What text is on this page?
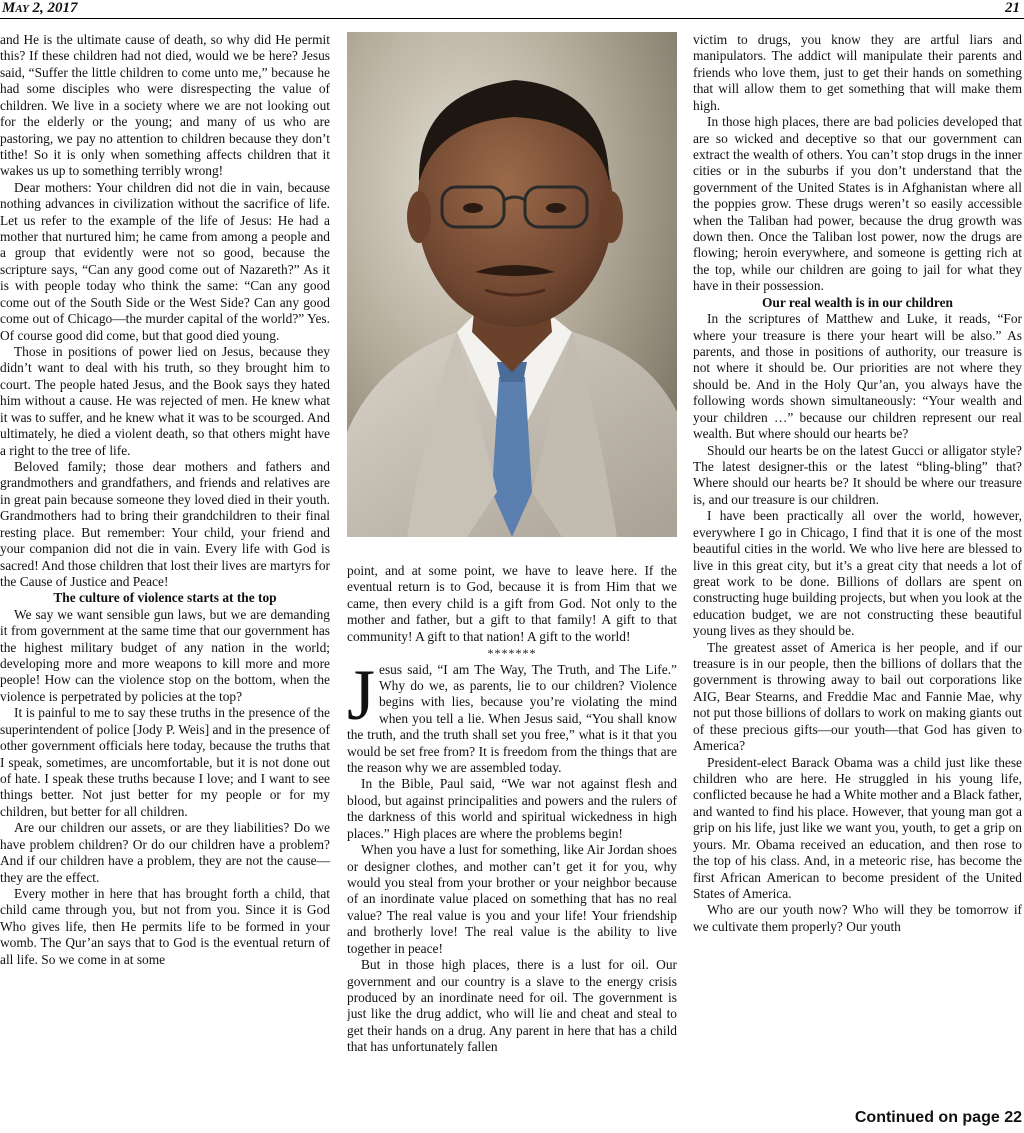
May 2, 2017	21

and He is the ultimate cause of death, so why did He permit this? If these children had not died, would we be here? Jesus said, “Suffer the little children to come unto me,” because he had some disciples who were disrespecting the value of children. We live in a society where we are not looking out for the elderly or the young; and many of us who are pastoring, we pay no attention to children because they don’t tithe! So it is only when something affects children that it wakes us up to something terribly wrong!

Dear mothers: Your children did not die in vain, because nothing advances in civilization without the sacrifice of life. Let us refer to the example of the life of Jesus: He had a mother that nurtured him; he came from among a people and a group that evidently were not so good, because the scripture says, “Can any good come out of Nazareth?” As it is with people today who think the same: “Can any good come out of the South Side or the West Side? Can any good come out of Chicago—the murder capital of the world?” Yes. Of course good did come, but that good died young.

Those in positions of power lied on Jesus, because they didn’t want to deal with his truth, so they brought him to court. The people hated Jesus, and the Book says they hated him without a cause. He was rejected of men. He knew what it was to suffer, and he knew what it was to be scourged. And ultimately, he died a violent death, so that others might have a right to the tree of life.

Beloved family; those dear mothers and fathers and grandmothers and grandfathers, and friends and relatives are in great pain because someone they loved died in their youth. Grandmothers had to bring their grandchildren to their final resting place. But remember: Your child, your friend and your companion did not die in vain. Every life with God is sacred! And those children that lost their lives are martyrs for the Cause of Justice and Peace!

The culture of violence starts at the top

We say we want sensible gun laws, but we are demanding it from government at the same time that our government has the highest military budget of any nation in the world; developing more and more weapons to kill more and more people! How can the violence stop on the bottom, when the violence is perpetrated by policies at the top?

It is painful to me to say these truths in the presence of the superintendent of police [Jody P. Weis] and in the presence of other government officials here today, because the truths that I speak, sometimes, are uncomfortable, but it is not done out of hate. I speak these truths because I love; and I want to see things better. Not just better for my people or for my children, but better for all children.

Are our children our assets, or are they liabilities? Do we have problem children? Or do our children have a problem? And if our children have a problem, they are not the cause—they are the effect.

Every mother in here that has brought forth a child, that child came through you, but not from you. Since it is God Who gives life, then He permits life to be formed in your womb. The Qur’an says that to God is the eventual return of all life. So we come in at some

point, and at some point, we have to leave here. If the eventual return is to God, because it is from Him that we came, then every child is a gift from God. Not only to the mother and father, but a gift to that family! A gift to that community! A gift to that nation! A gift to the world!

*******

Jesus said, “I am The Way, The Truth, and The Life.” Why do we, as parents, lie to our children? Violence begins with lies, because you’re violating the mind when you tell a lie. When Jesus said, “You shall know the truth, and the truth shall set you free,” what is it that you would be set free from? It is freedom from the things that are the reason why we are assembled today.

In the Bible, Paul said, “We war not against flesh and blood, but against principalities and powers and the rulers of the darkness of this world and spiritual wickedness in high places.” High places are where the problems begin!

When you have a lust for something, like Air Jordan shoes or designer clothes, and mother can’t get it for you, why would you steal from your brother or your neighbor because of an inordinate value placed on something that has no real value? The real value is you and your life! Your friendship and brotherly love! The real value is the ability to live together in peace!

But in those high places, there is a lust for oil. Our government and our country is a slave to the energy crisis produced by an inordinate need for oil. The government is just like the drug addict, who will lie and cheat and steal to get their hands on a drug. Any parent in here that has a child that has unfortunately fallen

victim to drugs, you know they are artful liars and manipulators. The addict will manipulate their parents and friends who love them, just to get their hands on something that will allow them to get something that will make them high.

In those high places, there are bad policies developed that are so wicked and deceptive so that our government can extract the wealth of others. You can’t stop drugs in the inner cities or in the suburbs if you don’t understand that the government of the United States is in Afghanistan where all the poppies grow. These drugs weren’t so easily accessible when the Taliban had power, because the drug growth was down then. Once the Taliban lost power, now the drugs are flowing; heroin everywhere, and someone is getting rich at the top, while our children are going to jail for what they have in their possession.

Our real wealth is in our children

In the scriptures of Matthew and Luke, it reads, “For where your treasure is there your heart will be also.” As parents, and those in positions of authority, our treasure is not where it should be. Our priorities are not where they should be. And in the Holy Qur’an, you always have the following words shown simultaneously: “Your wealth and your children …” because our children represent our real wealth. But where should our hearts be?

Should our hearts be on the latest Gucci or alligator style? The latest designer-this or the latest “bling-bling” that? Where should our hearts be? It should be where our treasure is, and our treasure is our children.

I have been practically all over the world, however, everywhere I go in Chicago, I find that it is one of the most beautiful cities in the world. We who live here are blessed to live in this great city, but it’s a great city that needs a lot of great work to be done. Billions of dollars are spent on constructing huge building projects, but when you look at the education budget, we are not constructing these beautiful young lives as they should be.

The greatest asset of America is her people, and if our treasure is in our people, then the billions of dollars that the government is throwing away to bail out corporations like AIG, Bear Stearns, and Freddie Mac and Fannie Mae, why not put those billions of dollars to work on making giants out of these precious gifts—our youth—that God has given to America?

President-elect Barack Obama was a child just like these children who are here. He struggled in his young life, conflicted because he had a White mother and a Black father, and wanted to find his place. However, that young man got a grip on his life, just like we want you, youth, to get a grip on yours. Mr. Obama received an education, and then rose to the top of his class. And, in a meteoric rise, has become the first African American to become president of the United States of America.

Who are our youth now? Who will they be tomorrow if we cultivate them properly? Our youth

Continued on page 22
